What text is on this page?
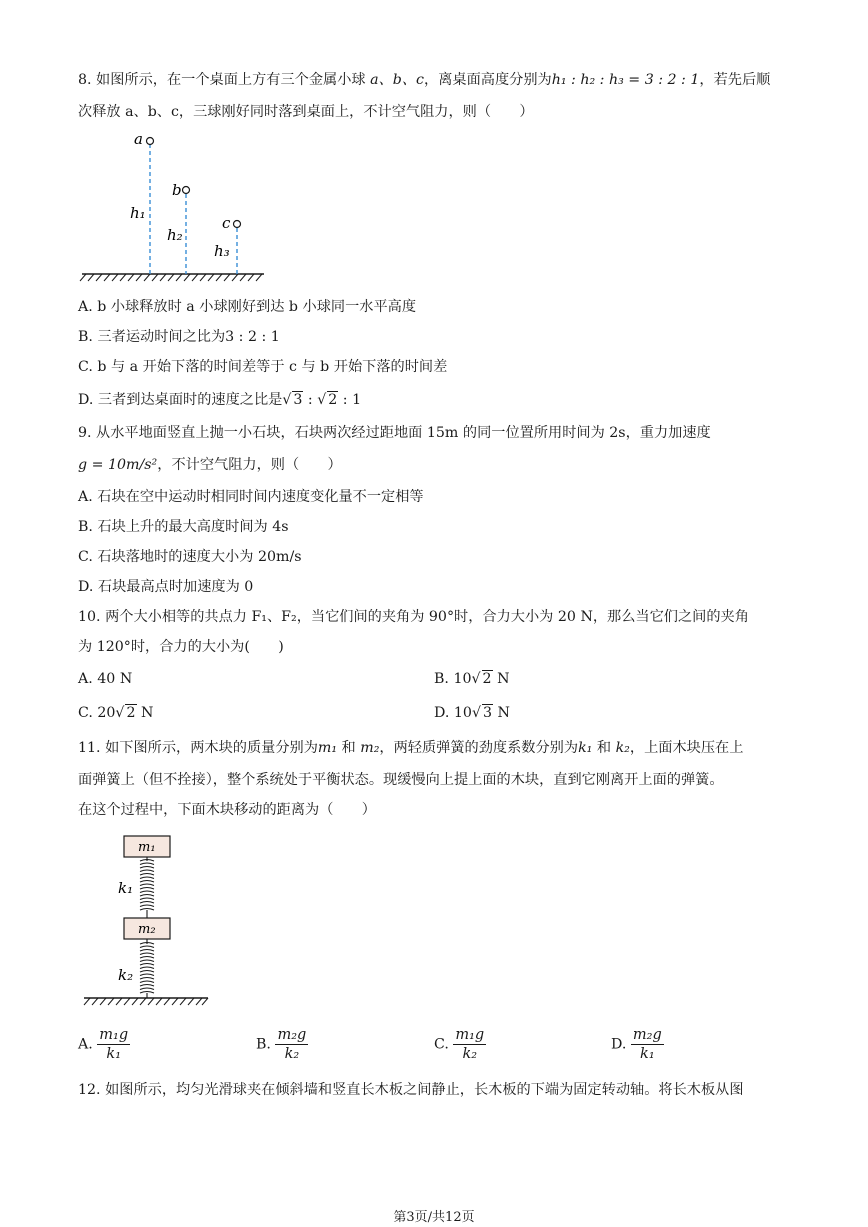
8. 如图所示，在一个桌面上方有三个金属小球 a、b、c，离桌面高度分别为h₁ : h₂ : h₃ = 3 : 2 : 1，若先后顺
次释放 a、b、c，三球刚好同时落到桌面上，不计空气阻力，则（　　）
a
b
c
h₁
h₂
h₃
A. b 小球释放时 a 小球刚好到达 b 小球同一水平高度
B. 三者运动时间之比为3 : 2 : 1
C. b 与 a 开始下落的时间差等于 c 与 b 开始下落的时间差
D. 三者到达桌面时的速度之比是√ 3 : √ 2 : 1
9. 从水平地面竖直上抛一小石块，石块两次经过距地面 15m 的同一位置所用时间为 2s，重力加速度
g = 10m/s²，不计空气阻力，则（　　）
A. 石块在空中运动时相同时间内速度变化量不一定相等
B. 石块上升的最大高度时间为 4s
C. 石块落地时的速度大小为 20m/s
D. 石块最高点时加速度为 0
10. 两个大小相等的共点力 F₁、F₂，当它们间的夹角为 90°时，合力大小为 20 N，那么当它们之间的夹角
为 120°时，合力的大小为(　　)
A. 40 N	B. 10√ 2 N
C. 20√ 2 N	D. 10√ 3 N
11. 如下图所示，两木块的质量分别为m₁ 和 m₂，两轻质弹簧的劲度系数分别为k₁ 和 k₂，上面木块压在上
面弹簧上（但不拴接），整个系统处于平衡状态。现缓慢向上提上面的木块，直到它刚离开上面的弹簧。
在这个过程中，下面木块移动的距离为（　　）
m₁
m₂
k₁
k₂
A. $\frac{\text{m₁g}}{\text{k₁}}$	B. $\frac{\text{m₂g}}{\text{k₂}}$	C. $\frac{\text{m₁g}}{\text{k₂}}$	D. $\frac{\text{m₂g}}{\text{k₁}}$
12. 如图所示，均匀光滑球夹在倾斜墙和竖直长木板之间静止，长木板的下端为固定转动轴。将长木板从图
第3页/共12页
